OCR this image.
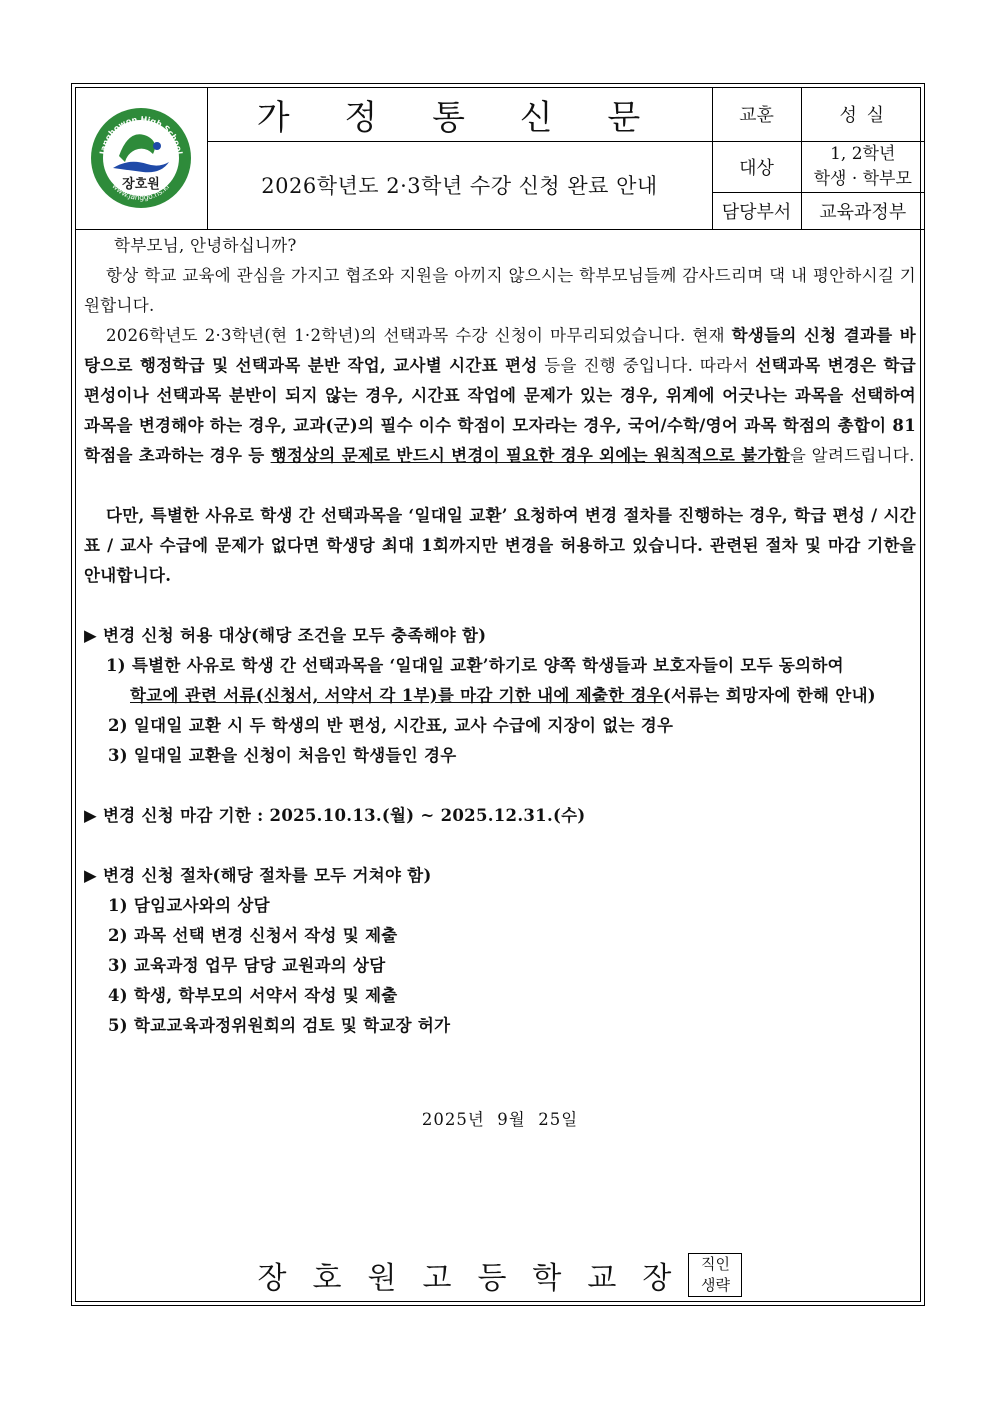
Janghowon High School
www.janggo.hs.kr
장호원	가 정 통 신 문	교훈	성 실
	2026학년도 2·3학년 수강 신청 완료 안내	대상	1, 2학년
학생 · 학부모

		담당부서	교육과정부
학부모님, 안녕하십니까?
항상 학교 교육에 관심을 가지고 협조와 지원을 아끼지 않으시는 학부모님들께 감사드리며 댁 내 평안하시길 기원합니다.
2026학년도 2·3학년(현 1·2학년)의 선택과목 수강 신청이 마무리되었습니다. 현재 학생들의 신청 결과를 바탕으로 행정학급 및 선택과목 분반 작업, 교사별 시간표 편성 등을 진행 중입니다. 따라서 선택과목 변경은 학급 편성이나 선택과목 분반이 되지 않는 경우, 시간표 작업에 문제가 있는 경우, 위계에 어긋나는 과목을 선택하여 과목을 변경해야 하는 경우, 교과(군)의 필수 이수 학점이 모자라는 경우, 국어/수학/영어 과목 학점의 총합이 81학점을 초과하는 경우 등 행정상의 문제로 반드시 변경이 필요한 경우 외에는 원칙적으로 불가함을 알려드립니다.
다만, 특별한 사유로 학생 간 선택과목을 ‘일대일 교환’ 요청하여 변경 절차를 진행하는 경우, 학급 편성 / 시간표 / 교사 수급에 문제가 없다면 학생당 최대 1회까지만 변경을 허용하고 있습니다. 관련된 절차 및 마감 기한을 안내합니다.
▶ 변경 신청 허용 대상(해당 조건을 모두 충족해야 함)
1) 특별한 사유로 학생 간 선택과목을 ‘일대일 교환’하기로 양쪽 학생들과 보호자들이 모두 동의하여
학교에 관련 서류(신청서, 서약서 각 1부)를 마감 기한 내에 제출한 경우(서류는 희망자에 한해 안내)
2) 일대일 교환 시 두 학생의 반 편성, 시간표, 교사 수급에 지장이 없는 경우
3) 일대일 교환을 신청이 처음인 학생들인 경우
▶ 변경 신청 마감 기한 : 2025.10.13.(월) ~ 2025.12.31.(수)
▶ 변경 신청 절차(해당 절차를 모두 거쳐야 함)
1) 담임교사와의 상담
2) 과목 선택 변경 신청서 작성 및 제출
3) 교육과정 업무 담당 교원과의 상담
4) 학생, 학부모의 서약서 작성 및 제출
5) 학교교육과정위원회의 검토 및 학교장 허가
2025년  9월  25일
장호원고등학교장 직인
생략
